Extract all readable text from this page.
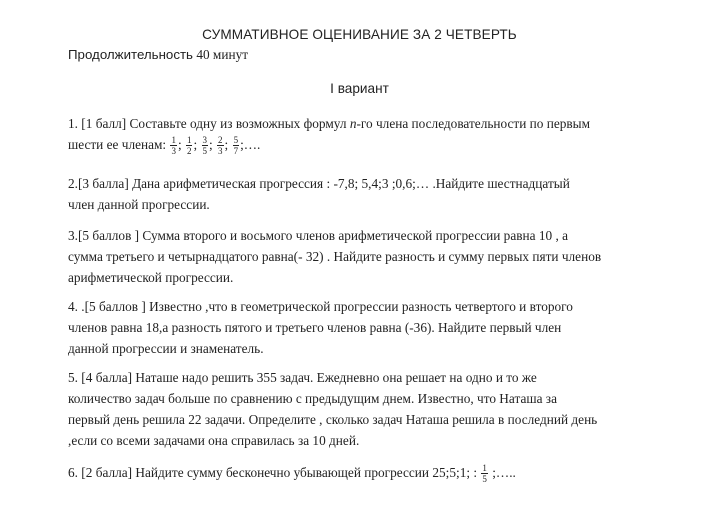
СУММАТИВНОЕ ОЦЕНИВАНИЕ ЗА 2 ЧЕТВЕРТЬ
Продолжительность 40 минут
I вариант
1. [1 балл] Составьте одну из возможных формул n-го члена последовательности по первым
шести ее членам: $\frac{1}{3}$ ; $\frac{1}{2}$ ; $\frac{3}{5}$ ; $\frac{2}{3}$ ; $\frac{5}{7}$ ;….
2.[3 балла] Дана арифметическая прогрессия : -7,8; 5,4;3 ;0,6;… .Найдите шестнадцатый
член данной прогрессии.
3.[5 баллов ] Сумма второго и восьмого членов арифметической прогрессии равна 10 , а
сумма третьего и четырнадцатого равна(- 32) . Найдите разность и сумму первых пяти членов
арифметической прогрессии.
4. .[5 баллов ] Известно ,что в геометрической прогрессии разность четвертого и второго
членов равна 18,а разность пятого и третьего членов равна (-36). Найдите первый член
данной прогрессии и знаменатель.
5. [4 балла] Наташе надо решить 355 задач. Ежедневно она решает на одно и то же
количество задач больше по сравнению с предыдущим днем. Известно, что Наташа за
первый день решила 22 задачи. Определите , сколько задач Наташа решила в последний день
,если со всеми задачами она справилась за 10 дней.
6. [2 балла] Найдите сумму бесконечно убывающей прогрессии 25;5;1; : $\frac{1}{5}$ ;…..
